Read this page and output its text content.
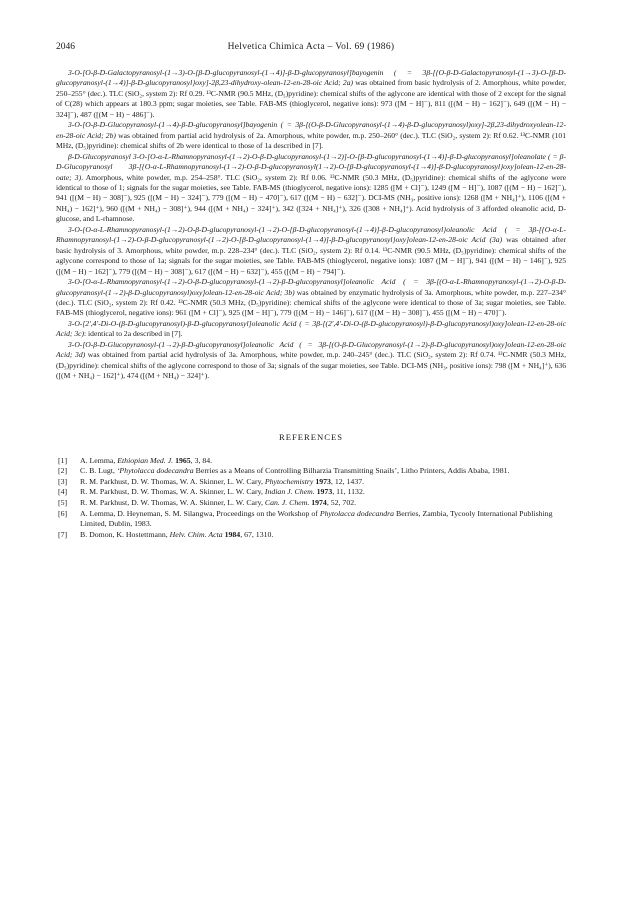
2046	Helvetica Chimica Acta – Vol. 69 (1986)

3-O-[O-β-D-Galactopyranosyl-(1→3)-O-[β-D-glucopyranosyl-(1→4)]-β-D-glucopyranosyl]bayogenin ( = 3β-[{O-β-D-Galactopyranosyl-(1→3)-O-[β-D-glucopyranosyl-(1→4)]-β-D-glucopyranosyl}oxy]-2β,23-dihydroxy-olean-12-en-28-oic Acid; 2a) was obtained from basic hydrolysis of 2. Amorphous, white powder, 250–255° (dec.). TLC (SiO₂, system 2): Rf 0.29. ¹³C-NMR (90.5 MHz, (D₅)pyridine): chemical shifts of the aglycone are identical with those of 2 except for the signal of C(28) which appears at 180.3 ppm; sugar moieties, see Table. FAB-MS (thioglycerol, negative ions): 973 ([M − H]⁻), 811 ([(M − H) − 162]⁻), 649 ([(M − H) − 324]⁻), 487 ([(M − H) − 486]⁻).

3-O-[O-β-D-Glucopyranosyl-(1→4)-β-D-glucopyranosyl]bayogenin ( = 3β-[(O-β-D-Glucopyranosyl-(1→4)-β-D-glucopyranosyl)oxy]-2β,23-dihydroxyolean-12-en-28-oic Acid; 2b) was obtained from partial acid hydrolysis of 2a. Amorphous, white powder, m.p. 250–260° (dec.). TLC (SiO₂, system 2): Rf 0.62. ¹³C-NMR (101 MHz, (D₅)pyridine): chemical shifts of 2b were identical to those of 1a described in [7].

β-D-Glucopyranosyl 3-O-[O-α-L-Rhamnopyranosyl-(1→2)-O-β-D-glucopyranosyl-(1→2)]-O-[β-D-glucopyranosyl-(1→4)]-β-D-glucopyranosyl]oleanolate ( = β-D-Glucopyranosyl 3β-[{O-α-L-Rhamnopyranosyl-(1→2)-O-β-D-glucopyranosyl(1→2)-O-[β-D-glucopyranosyl-(1→4)]-β-D-glucopyranosyl}oxy]olean-12-en-28-oate; 3). Amorphous, white powder, m.p. 254–258°. TLC (SiO₂, system 2): Rf 0.06. ¹³C-NMR (50.3 MHz, (D₅)pyridine): chemical shifts of the aglycone were identical to those of 1; signals for the sugar moieties, see Table. FAB-MS (thioglycerol, negative ions): 1285 ([M + Cl]⁻), 1249 ([M − H]⁻), 1087 ([(M − H) − 162]⁻), 941 ([(M − H) − 308]⁻), 925 ([(M − H) − 324]⁻), 779 ([(M − H) − 470]⁻), 617 ([(M − H) − 632]⁻). DCI-MS (NH₃, positive ions): 1268 ([M + NH₄]⁺), 1106 ([(M + NH₄) − 162]⁺), 960 ([(M + NH₄) − 308]⁺), 944 ([(M + NH₄) − 324]⁺), 342 ([324 + NH₄]⁺), 326 ([308 + NH₄]⁺). Acid hydrolysis of 3 afforded oleanolic acid, D-glucose, and L-rhamnose.

3-O-{O-α-L-Rhamnopyranosyl-(1→2)-O-β-D-glucopyranosyl-(1→2)-O-[β-D-glucopyranosyl-(1→4)]-β-D-glucopyranosyl}oleanolic Acid ( = 3β-[{O-α-L-Rhamnopyranosyl-(1→2)-O-β-D-glucopyranosyl-(1→2)-O-[β-D-glucopyranosyl-(1→4)]-β-D-glucopyranosyl}oxy]olean-12-en-28-oic Acid (3a) was obtained after basic hydrolysis of 3. Amorphous, white powder, m.p. 228–234° (dec.). TLC (SiO₂, system 2): Rf 0.14. ¹³C-NMR (90.5 MHz, (D₅)pyridine): chemical shifts of the aglycone correspond to those of 1a; signals for the sugar moieties, see Table. FAB-MS (thioglycerol, negative ions): 1087 ([M − H]⁻), 941 ([(M − H) − 146]⁻), 925 ([(M − H) − 162]⁻), 779 ([(M − H) − 308]⁻), 617 ([(M − H) − 632]⁻), 455 ([(M − H) − 794]⁻).

3-O-[O-α-L-Rhamnopyranosyl-(1→2)-O-β-D-glucopyranosyl-(1→2)-β-D-glucopyranosyl]oleanolic Acid ( = 3β-[(O-α-L-Rhamnopyranosyl-(1→2)-O-β-D-glucopyranosyl-(1→2)-β-D-glucopyranosyl)oxy]olean-12-en-28-oic Acid; 3b) was obtained by enzymatic hydrolysis of 3a. Amorphous, white powder, m.p. 227–234° (dec.). TLC (SiO₂, system 2): Rf 0.42. ¹³C-NMR (50.3 MHz, (D₅)pyridine): chemical shifts of the aglycone were identical to those of 3a; sugar moieties, see Table. FAB-MS (thioglycerol, negative ions): 961 ([M + Cl]⁻), 925 ([M − H]⁻), 779 ([(M − H) − 146]⁻), 617 ([(M − H) − 308]⁻), 455 ([(M − H) − 470]⁻).

3-O-[2′,4′-Di-O-(β-D-glucopyranosyl)-β-D-glucopyranosyl]oleanolic Acid ( = 3β-[(2′,4′-Di-O-(β-D-glucopyranosyl)-β-D-glucopyranosyl)oxy]olean-12-en-28-oic Acid; 3c): identical to 2a described in [7].

3-O-[O-β-D-Glucopyranosyl-(1→2)-β-D-glucopyranosyl]oleanolic Acid ( = 3β-[(O-β-D-Glucopyranosyl-(1→2)-β-D-glucopyranosyl)oxy]olean-12-en-28-oic Acid; 3d) was obtained from partial acid hydrolysis of 3a. Amorphous, white powder, m.p. 240–245° (dec.). TLC (SiO₂, system 2): Rf 0.74. ¹³C-NMR (50.3 MHz, (D₅)pyridine): chemical shifts of the aglycone correspond to those of 3a; signals of the sugar moieties, see Table. DCI-MS (NH₃, positive ions): 798 ([M + NH₄]⁺), 636 ([(M + NH₄) − 162]⁺), 474 ([(M + NH₄) − 324]⁺).

REFERENCES
[1] A. Lemma, Ethiopian Med. J. 1965, 3, 84.
[2] C. B. Lugt, ‘Phytolacca dodecandra Berries as a Means of Controlling Bilharzia Transmitting Snails’, Litho Printers, Addis Ababa, 1981.
[3] R. M. Parkhust, D. W. Thomas, W. A. Skinner, L. W. Cary, Phytochemistry 1973, 12, 1437.
[4] R. M. Parkhust, D. W. Thomas, W. A. Skinner, L. W. Cary, Indian J. Chem. 1973, 11, 1132.
[5] R. M. Parkhust, D. W. Thomas, W. A. Skinner, L. W. Cary, Can. J. Chem. 1974, 52, 702.
[6] A. Lemma, D. Heyneman, S. M. Silangwa, Proceedings on the Workshop of Phytolacca dodecandra Berries, Zambia, Tycooly International Publishing Limited, Dublin, 1983.
[7] B. Domon, K. Hostettmann, Helv. Chim. Acta 1984, 67, 1310.
